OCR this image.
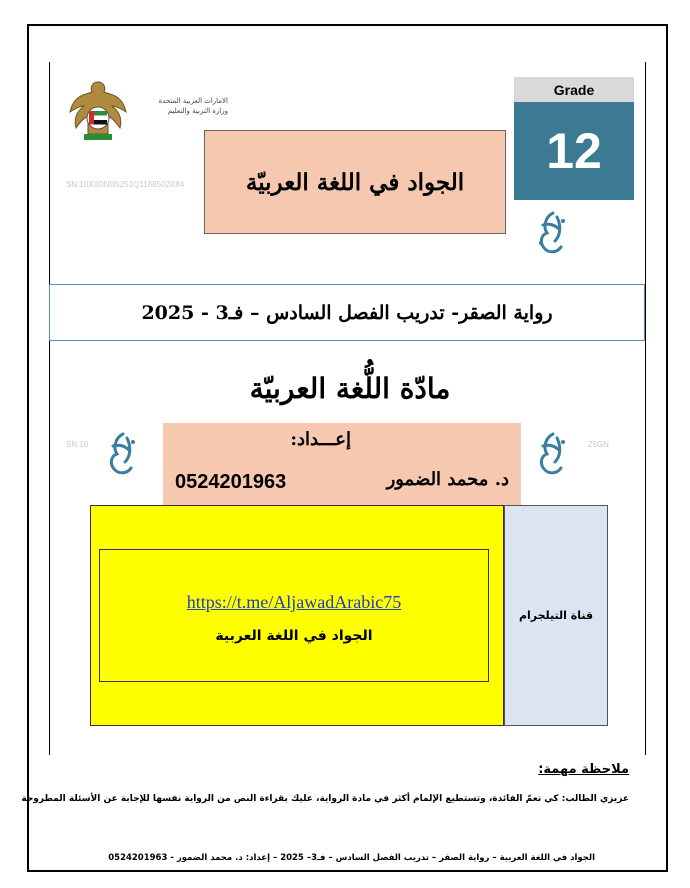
الامارات العربية المتحدة
وزارة التربية والتعليم
SN:10X0DN0N251Q1188502X84	الجواد في اللغة العربيّة
Grade
12
رواية الصقر- تدريب الفصل السادس – فـ3 - 2025
مادّة اللُّغة العربيّة
SN:10	25GN
إعـــداد:
د. محمد الضمور
0524201963
https://t.me/AljawadArabic75
الجواد في اللغة العربية
قناة التيلجرام
ملاحظة مهمة:
عزيزي الطالب: كي تعمّ الفائدة، وتستطيع الإلمام أكثر في مادة الرواية، عليك بقراءة النص من الرواية نفسها للإجابة عن الأسئلة المطروحة
الجواد في اللغة العربية – رواية الصقر – تدريب الفصل السادس – فـ3– 2025 – إعداد: د. محمد الضمور - 0524201963
